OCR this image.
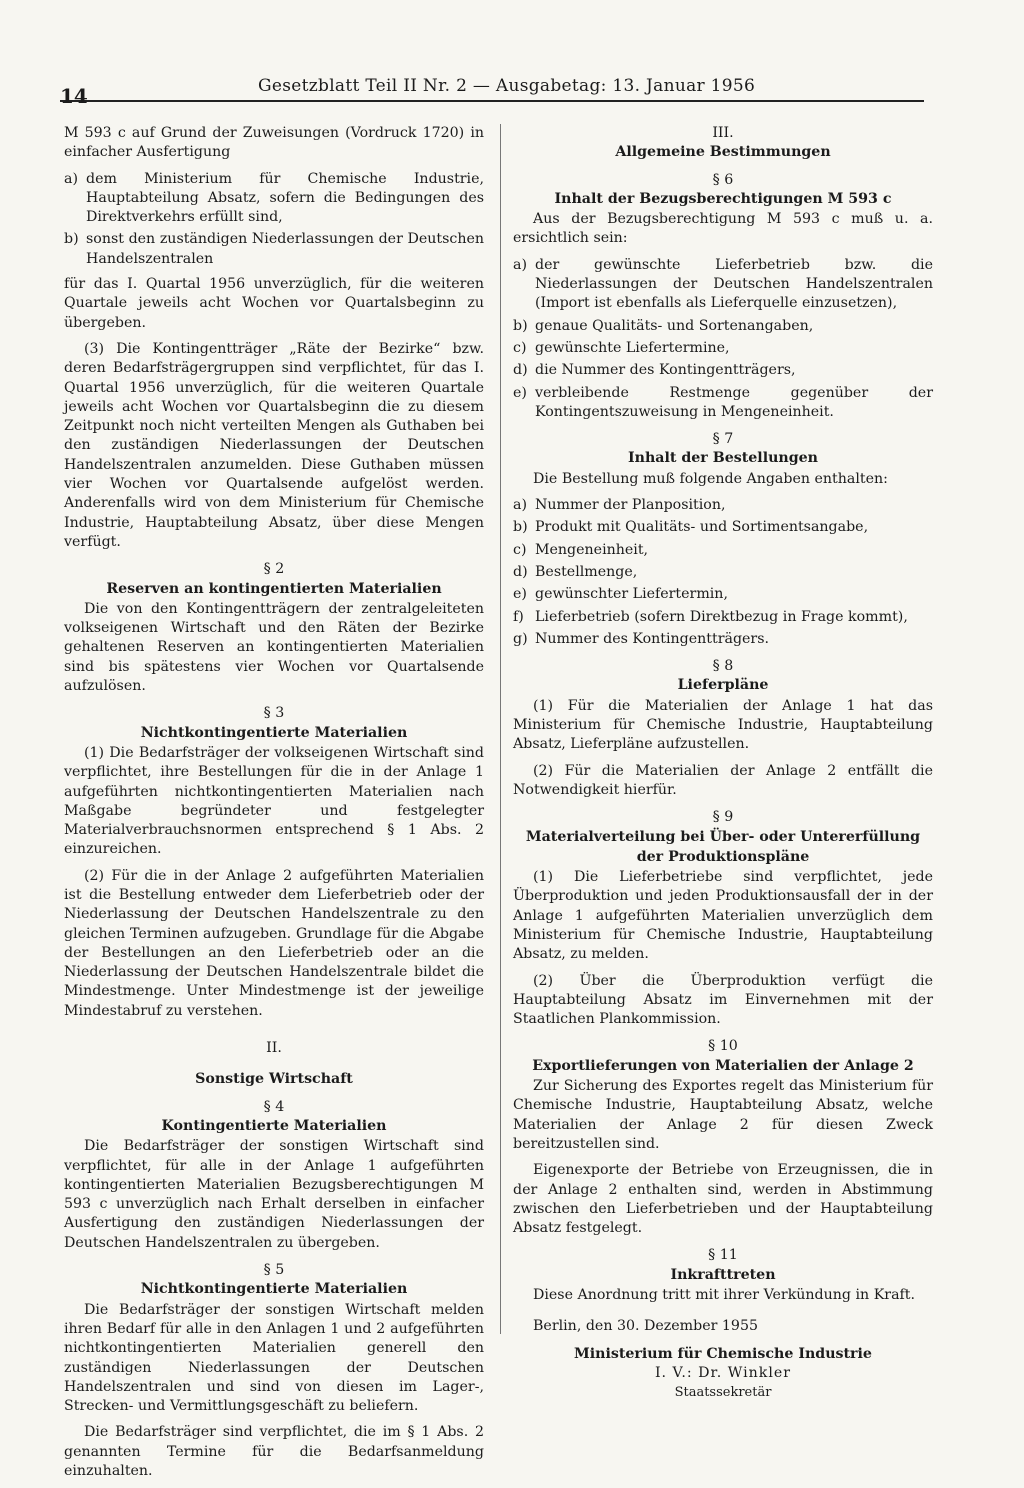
14	Gesetzblatt Teil II Nr. 2 — Ausgabetag: 13. Januar 1956

M 593 c auf Grund der Zuweisungen (Vordruck 1720) in einfacher Ausfertigung

a) dem Ministerium für Chemische Industrie, Hauptabteilung Absatz, sofern die Bedingungen des Direktverkehrs erfüllt sind,
b) sonst den zuständigen Niederlassungen der Deutschen Handelszentralen

für das I. Quartal 1956 unverzüglich, für die weiteren Quartale jeweils acht Wochen vor Quartalsbeginn zu übergeben.

(3) Die Kontingentträger „Räte der Bezirke“ bzw. deren Bedarfsträgergruppen sind verpflichtet, für das I. Quartal 1956 unverzüglich, für die weiteren Quartale jeweils acht Wochen vor Quartalsbeginn die zu diesem Zeitpunkt noch nicht verteilten Mengen als Guthaben bei den zuständigen Niederlassungen der Deutschen Handelszentralen anzumelden. Diese Guthaben müssen vier Wochen vor Quartalsende aufgelöst werden. Anderenfalls wird von dem Ministerium für Chemische Industrie, Hauptabteilung Absatz, über diese Mengen verfügt.

§ 2

Reserven an kontingentierten Materialien

Die von den Kontingentträgern der zentralgeleiteten volkseigenen Wirtschaft und den Räten der Bezirke gehaltenen Reserven an kontingentierten Materialien sind bis spätestens vier Wochen vor Quartalsende aufzulösen.

§ 3

Nichtkontingentierte Materialien

(1) Die Bedarfsträger der volkseigenen Wirtschaft sind verpflichtet, ihre Bestellungen für die in der Anlage 1 aufgeführten nichtkontingentierten Materialien nach Maßgabe begründeter und festgelegter Materialverbrauchsnormen entsprechend § 1 Abs. 2 einzureichen.

(2) Für die in der Anlage 2 aufgeführten Materialien ist die Bestellung entweder dem Lieferbetrieb oder der Niederlassung der Deutschen Handelszentrale zu den gleichen Terminen aufzugeben. Grundlage für die Abgabe der Bestellungen an den Lieferbetrieb oder an die Niederlassung der Deutschen Handelszentrale bildet die Mindestmenge. Unter Mindestmenge ist der jeweilige Mindestabruf zu verstehen.

II.

Sonstige Wirtschaft

§ 4

Kontingentierte Materialien

Die Bedarfsträger der sonstigen Wirtschaft sind verpflichtet, für alle in der Anlage 1 aufgeführten kontingentierten Materialien Bezugsberechtigungen M 593 c unverzüglich nach Erhalt derselben in einfacher Ausfertigung den zuständigen Niederlassungen der Deutschen Handelszentralen zu übergeben.

§ 5

Nichtkontingentierte Materialien

Die Bedarfsträger der sonstigen Wirtschaft melden ihren Bedarf für alle in den Anlagen 1 und 2 aufgeführten nichtkontingentierten Materialien generell den zuständigen Niederlassungen der Deutschen Handelszentralen und sind von diesen im Lager-, Strecken- und Vermittlungsgeschäft zu beliefern.

Die Bedarfsträger sind verpflichtet, die im § 1 Abs. 2 genannten Termine für die Bedarfsanmeldung einzuhalten.

III.

Allgemeine Bestimmungen

§ 6

Inhalt der Bezugsberechtigungen M 593 c

Aus der Bezugsberechtigung M 593 c muß u. a. ersichtlich sein:

a) der gewünschte Lieferbetrieb bzw. die Niederlassungen der Deutschen Handelszentralen (Import ist ebenfalls als Lieferquelle einzusetzen),
b) genaue Qualitäts- und Sortenangaben,
c) gewünschte Liefertermine,
d) die Nummer des Kontingentträgers,
e) verbleibende Restmenge gegenüber der Kontingentszuweisung in Mengeneinheit.

§ 7

Inhalt der Bestellungen

Die Bestellung muß folgende Angaben enthalten:

a) Nummer der Planposition,
b) Produkt mit Qualitäts- und Sortimentsangabe,
c) Mengeneinheit,
d) Bestellmenge,
e) gewünschter Liefertermin,
f) Lieferbetrieb (sofern Direktbezug in Frage kommt),
g) Nummer des Kontingentträgers.

§ 8

Lieferpläne

(1) Für die Materialien der Anlage 1 hat das Ministerium für Chemische Industrie, Hauptabteilung Absatz, Lieferpläne aufzustellen.

(2) Für die Materialien der Anlage 2 entfällt die Notwendigkeit hierfür.

§ 9

Materialverteilung bei Über- oder Untererfüllung

der Produktionspläne

(1) Die Lieferbetriebe sind verpflichtet, jede Überproduktion und jeden Produktionsausfall der in der Anlage 1 aufgeführten Materialien unverzüglich dem Ministerium für Chemische Industrie, Hauptabteilung Absatz, zu melden.

(2) Über die Überproduktion verfügt die Hauptabteilung Absatz im Einvernehmen mit der Staatlichen Plankommission.

§ 10

Exportlieferungen von Materialien der Anlage 2

Zur Sicherung des Exportes regelt das Ministerium für Chemische Industrie, Hauptabteilung Absatz, welche Materialien der Anlage 2 für diesen Zweck bereitzustellen sind.

Eigenexporte der Betriebe von Erzeugnissen, die in der Anlage 2 enthalten sind, werden in Abstimmung zwischen den Lieferbetrieben und der Hauptabteilung Absatz festgelegt.

§ 11

Inkrafttreten

Diese Anordnung tritt mit ihrer Verkündung in Kraft.

Berlin, den 30. Dezember 1955

Ministerium für Chemische Industrie

I. V.: Dr. Winkler

Staatssekretär
